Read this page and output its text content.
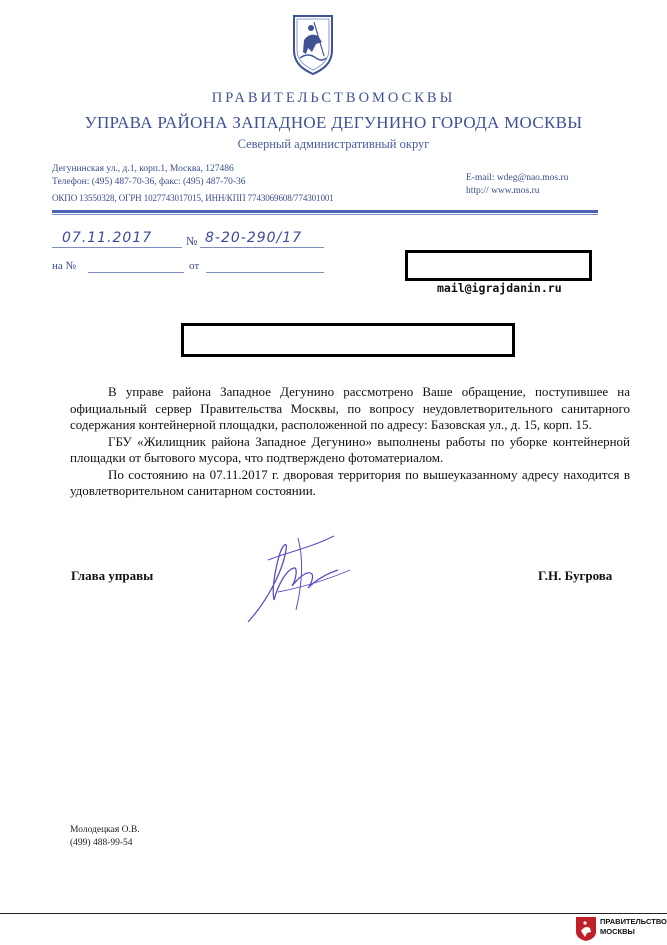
ПРАВИТЕЛЬСТВОМОСКВЫ
УПРАВА РАЙОНА ЗАПАДНОЕ ДЕГУНИНО ГОРОДА МОСКВЫ
Северный административный округ
Дегунинская ул., д.1, корп.1, Москва, 127486
Телефон: (495) 487-70-36, факс: (495) 487-70-36	E-mail: wdeg@nao.mos.ru
http:// www.mos.ru
ОКПО 13550328, ОГРН 1027743017015, ИНН/КПП 7743069608/774301001
07.11.2017	№ 8-20-290/17
на №	от
mail@igrajdanin.ru

В управе района Западное Дегунино рассмотрено Ваше обращение, поступившее на официальный сервер Правительства Москвы, по вопросу неудовлетворительного санитарного содержания контейнерной площадки, расположенной по адресу: Базовская ул., д. 15, корп. 15.

ГБУ «Жилищник района Западное Дегунино» выполнены работы по уборке контейнерной площадки от бытового мусора, что подтверждено фотоматериалом.

По состоянию на 07.11.2017 г. дворовая территория по вышеуказанному адресу находится в удовлетворительном санитарном состоянии.

Глава управы	Г.Н. Бугрова
Молодецкая О.В.
(499) 488-99-54
ПРАВИТЕЛЬСТВО
МОСКВЫ
